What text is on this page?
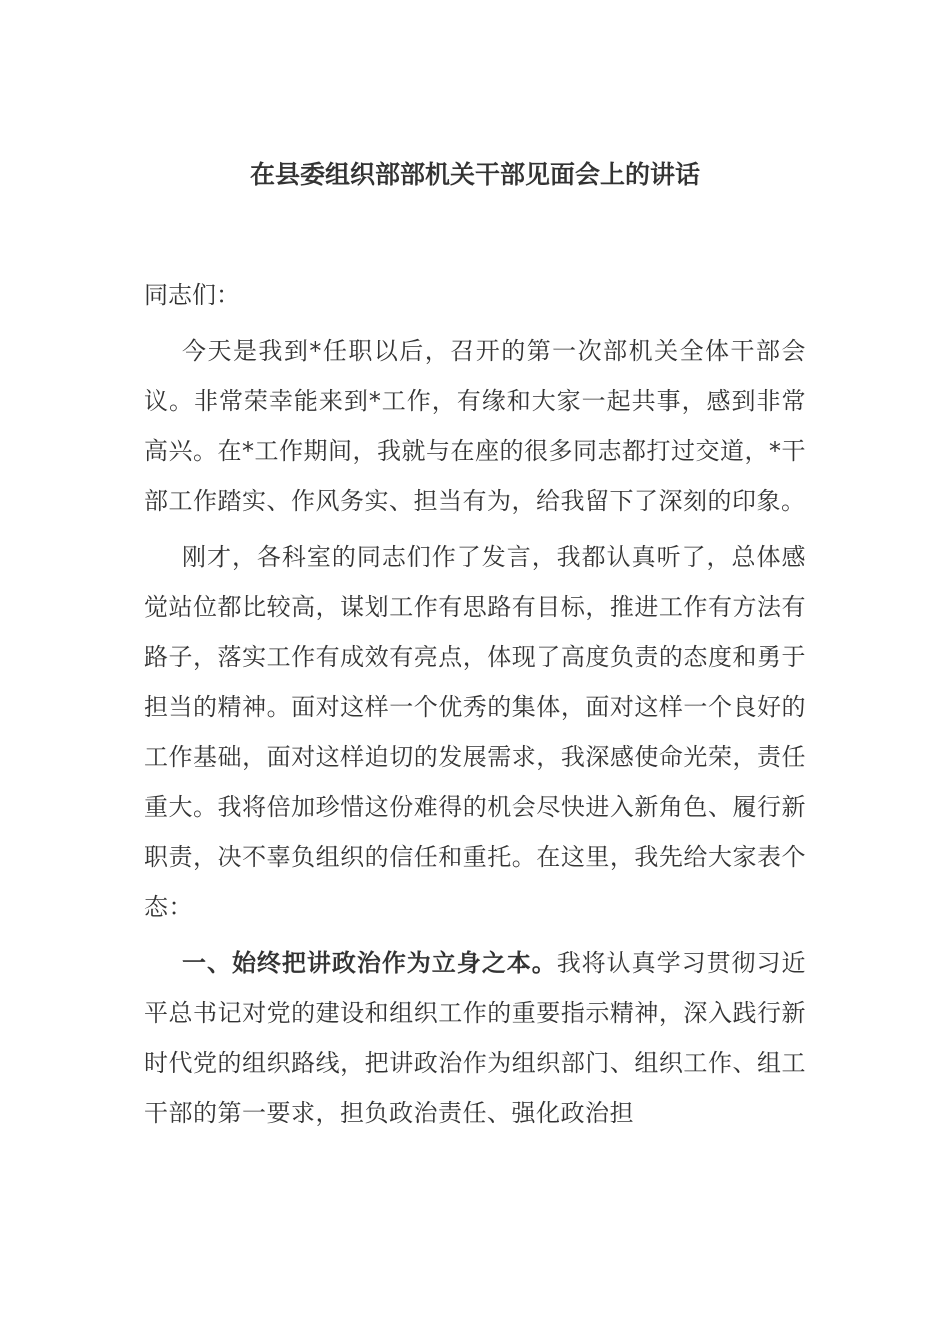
在县委组织部部机关干部见面会上的讲话

同志们：

今天是我到*任职以后，召开的第一次部机关全体干部会议。非常荣幸能来到*工作，有缘和大家一起共事，感到非常高兴。在*工作期间，我就与在座的很多同志都打过交道，*干部工作踏实、作风务实、担当有为，给我留下了深刻的印象。

刚才，各科室的同志们作了发言，我都认真听了，总体感觉站位都比较高，谋划工作有思路有目标，推进工作有方法有路子，落实工作有成效有亮点，体现了高度负责的态度和勇于担当的精神。面对这样一个优秀的集体，面对这样一个良好的工作基础，面对这样迫切的发展需求，我深感使命光荣，责任重大。我将倍加珍惜这份难得的机会尽快进入新角色、履行新职责，决不辜负组织的信任和重托。在这里，我先给大家表个态：

一、始终把讲政治作为立身之本。我将认真学习贯彻习近平总书记对党的建设和组织工作的重要指示精神，深入践行新时代党的组织路线，把讲政治作为组织部门、组织工作、组工干部的第一要求，担负政治责任、强化政治担
